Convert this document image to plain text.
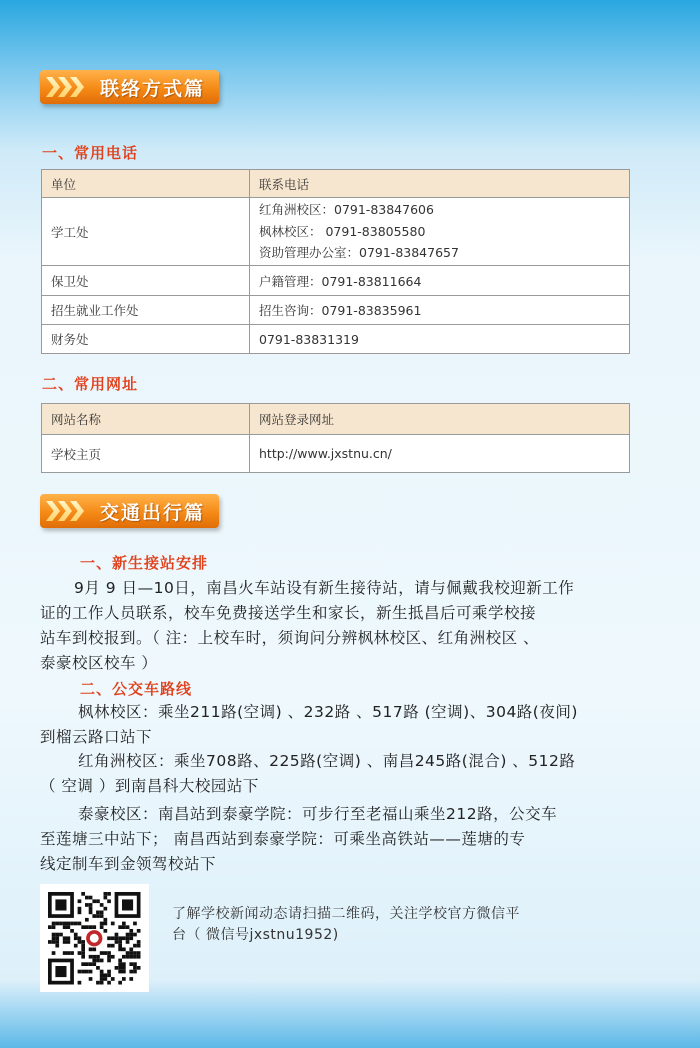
联络方式篇
一、常用电话
单位	联系电话
学工处	红角洲校区：0791-83847606
枫林校区： 0791-83805580
资助管理办公室：0791-83847657

保卫处	户籍管理：0791-83811664
招生就业工作处	招生咨询：0791-83835961
财务处	0791-83831319
二、常用网址
网站名称	网站登录网址
学校主页	http://www.jxstnu.cn/
交通出行篇
一、新生接站安排

9月 9 日—10日，南昌火车站设有新生接待站，请与佩戴我校迎新工作
证的工作人员联系，校车免费接送学生和家长，新生抵昌后可乘学校接
站车到校报到。（ 注：上校车时，须询问分辨枫林校区、红角洲校区 、
泰豪校区校车 ）

二、公交车路线

枫林校区：乘坐211路(空调) 、232路 、517路 (空调)、304路(夜间)
到榴云路口站下

红角洲校区：乘坐708路、225路(空调) 、南昌245路(混合) 、512路
（ 空调 ）到南昌科大校园站下

泰豪校区：南昌站到泰豪学院：可步行至老福山乘坐212路，公交车
至莲塘三中站下； 南昌西站到泰豪学院：可乘坐高铁站——莲塘的专
线定制车到金领驾校站下

了解学校新闻动态请扫描二维码，关注学校官方微信平
台（ 微信号jxstnu1952)
